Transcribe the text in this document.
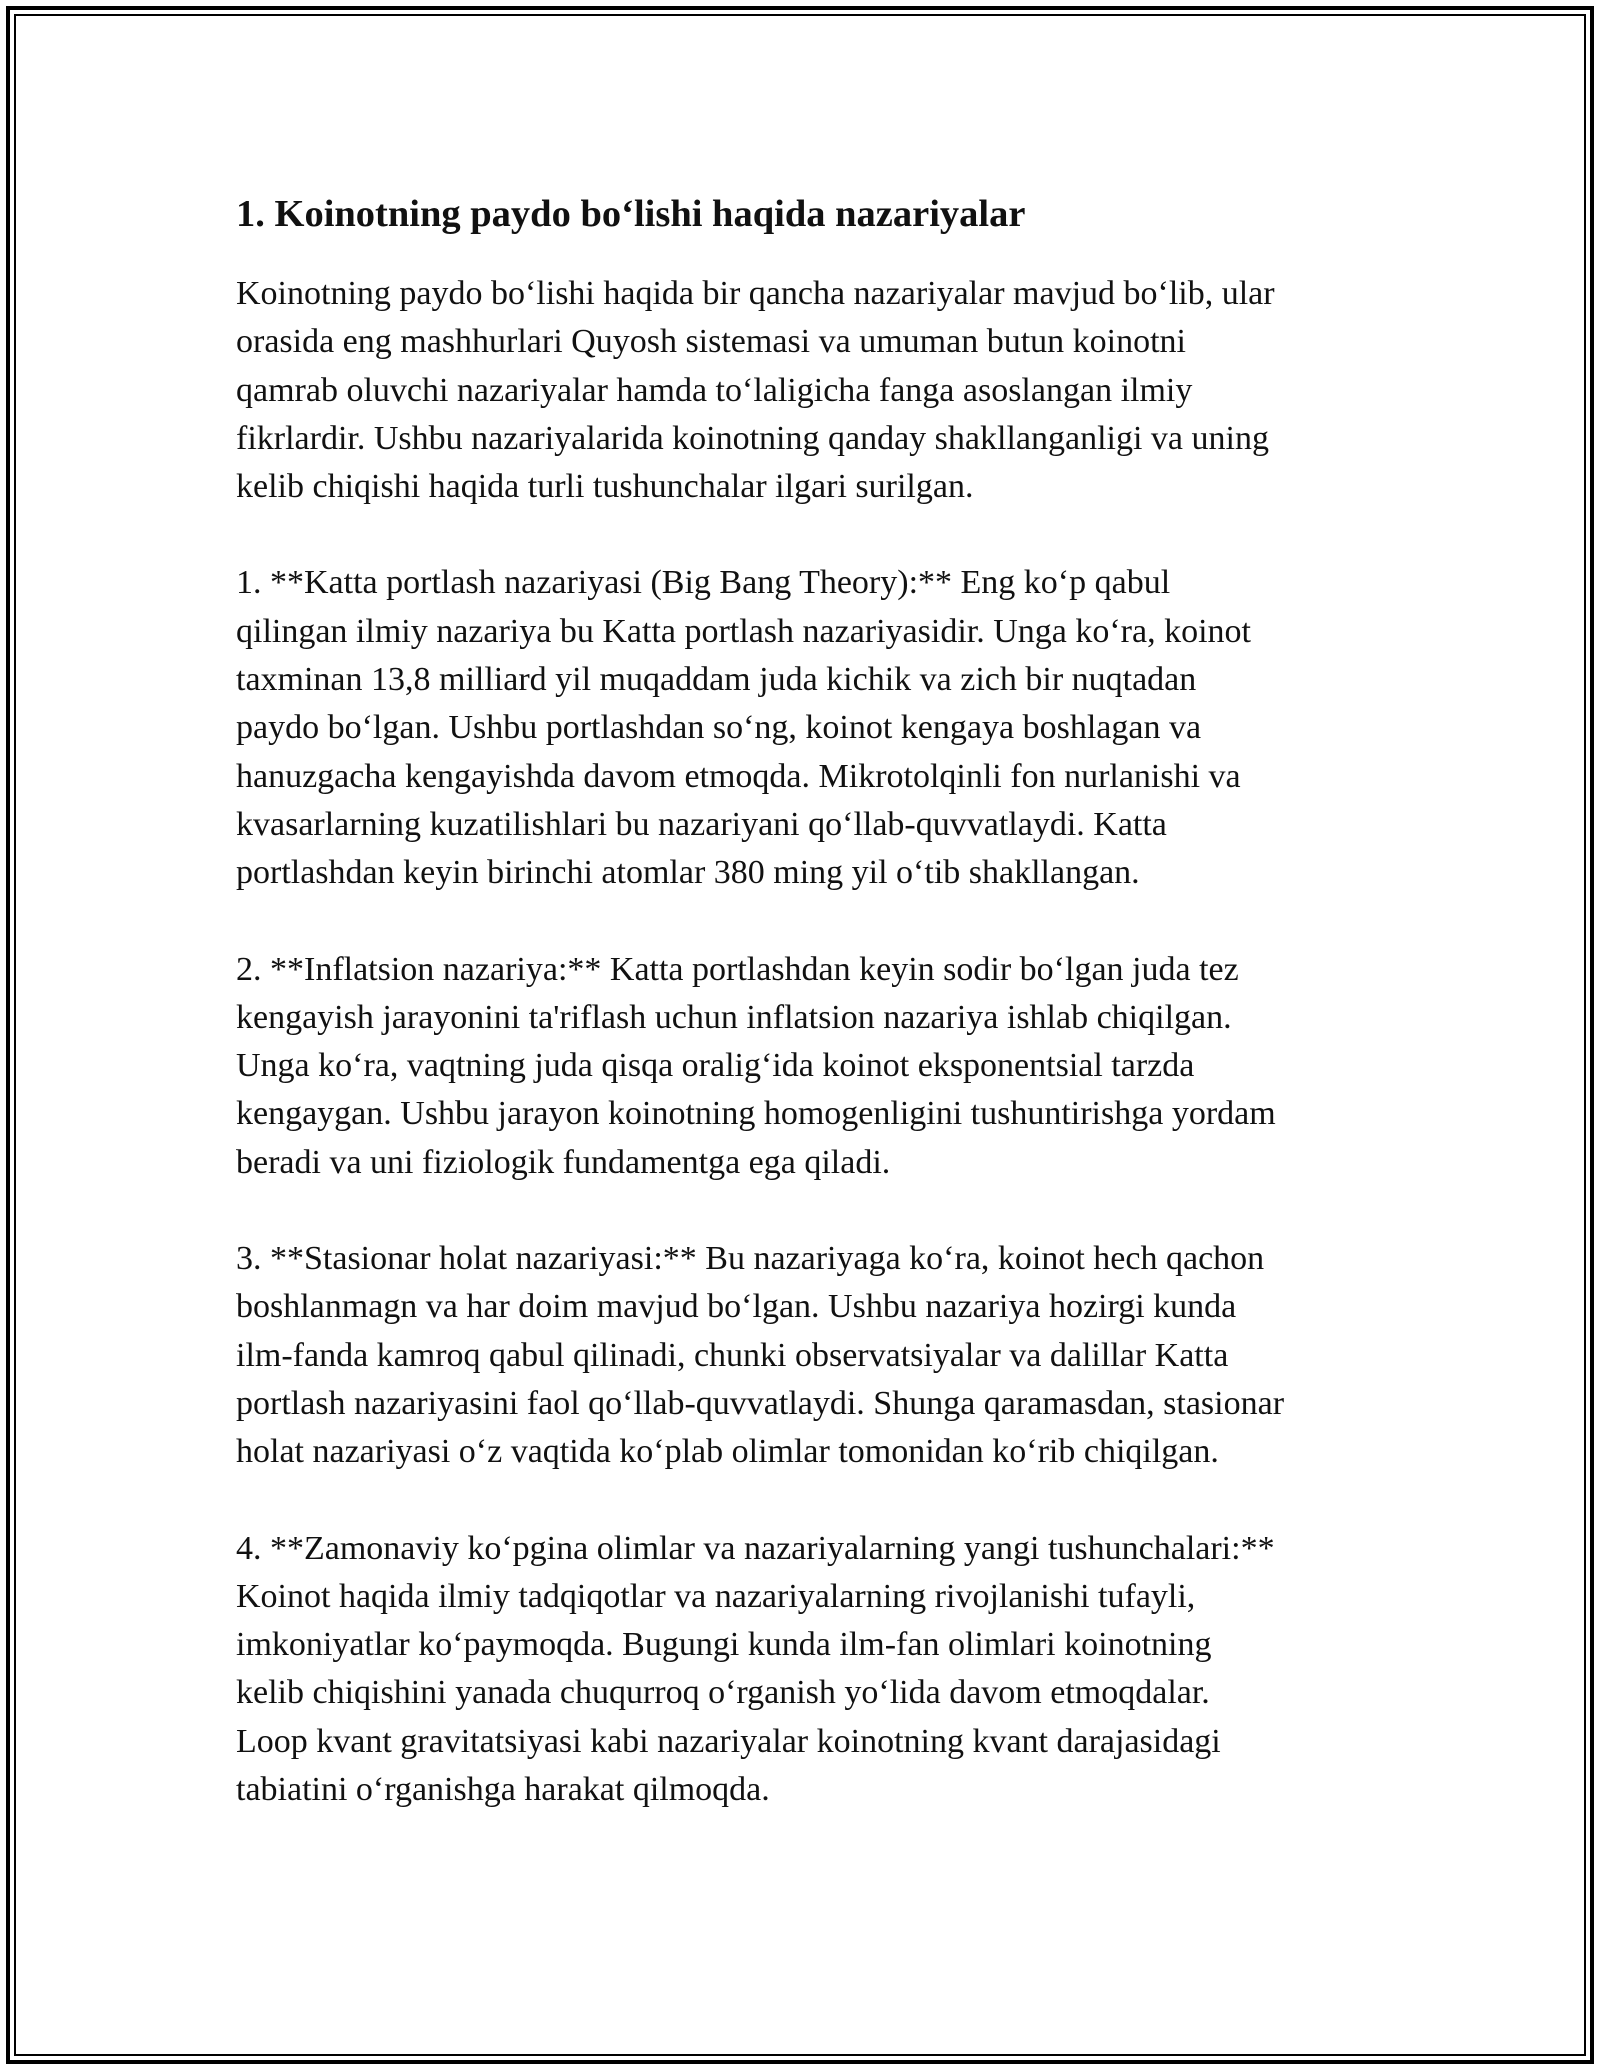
1. Koinotning paydo bo‘lishi haqida nazariyalar

Koinotning paydo bo‘lishi haqida bir qancha nazariyalar mavjud bo‘lib, ular
orasida eng mashhurlari Quyosh sistemasi va umuman butun koinotni
qamrab oluvchi nazariyalar hamda to‘laligicha fanga asoslangan ilmiy
fikrlardir. Ushbu nazariyalarida koinotning qanday shakllanganligi va uning
kelib chiqishi haqida turli tushunchalar ilgari surilgan.

1. **Katta portlash nazariyasi (Big Bang Theory):** Eng ko‘p qabul
qilingan ilmiy nazariya bu Katta portlash nazariyasidir. Unga ko‘ra, koinot
taxminan 13,8 milliard yil muqaddam juda kichik va zich bir nuqtadan
paydo bo‘lgan. Ushbu portlashdan so‘ng, koinot kengaya boshlagan va
hanuzgacha kengayishda davom etmoqda. Mikrotolqinli fon nurlanishi va
kvasarlarning kuzatilishlari bu nazariyani qo‘llab-quvvatlaydi. Katta
portlashdan keyin birinchi atomlar 380 ming yil o‘tib shakllangan.

2. **Inflatsion nazariya:** Katta portlashdan keyin sodir bo‘lgan juda tez
kengayish jarayonini ta'riflash uchun inflatsion nazariya ishlab chiqilgan.
Unga ko‘ra, vaqtning juda qisqa oralig‘ida koinot eksponentsial tarzda
kengaygan. Ushbu jarayon koinotning homogenligini tushuntirishga yordam
beradi va uni fiziologik fundamentga ega qiladi.

3. **Stasionar holat nazariyasi:** Bu nazariyaga ko‘ra, koinot hech qachon
boshlanmagn va har doim mavjud bo‘lgan. Ushbu nazariya hozirgi kunda
ilm-fanda kamroq qabul qilinadi, chunki observatsiyalar va dalillar Katta
portlash nazariyasini faol qo‘llab-quvvatlaydi. Shunga qaramasdan, stasionar
holat nazariyasi o‘z vaqtida ko‘plab olimlar tomonidan ko‘rib chiqilgan.

4. **Zamonaviy ko‘pgina olimlar va nazariyalarning yangi tushunchalari:**
Koinot haqida ilmiy tadqiqotlar va nazariyalarning rivojlanishi tufayli,
imkoniyatlar ko‘paymoqda. Bugungi kunda ilm-fan olimlari koinotning
kelib chiqishini yanada chuqurroq o‘rganish yo‘lida davom etmoqdalar.
Loop kvant gravitatsiyasi kabi nazariyalar koinotning kvant darajasidagi
tabiatini o‘rganishga harakat qilmoqda.
